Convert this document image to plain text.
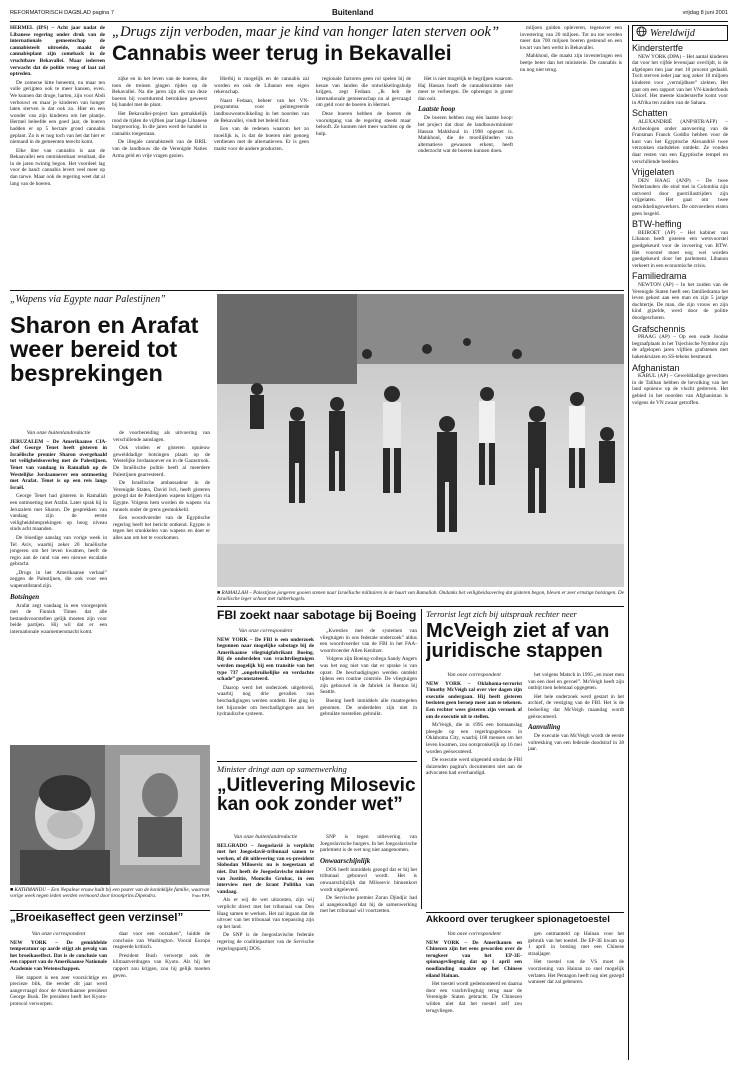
REFORMATORISCH DAGBLAD pagina 7	Buitenland	vrijdag 8 juni 2001

HERMEL (IPS) – Acht jaar nadat de Libanese regering onder druk van de internationale gemeenschap de cannabisteelt uitroeide, maakt de cannabisplant zijn comeback in de vruchtbare Bekavallei. Maar iedereen verwacht dat de politie vroeg of laat zal optreden.

De zomerse hitte beneemt, nu maar ten volle gerijpten ook te meer kansen, even. We kunnen dat droge, harten, zijn voor Abdi verbouwt en maar je kinderen van honger laten sterven is dat ook zo. Hier en een wonder van zijn kinderen om het plantje. Hermel beleefde een goed jaar, de boeren hadden er op 5 hectare grond cannabis geplant. Zo is er nog toch van het dat hier er niemand in de gemeenten terecht komt.

Elke liter van cannabis is aan de Bekaavallei een onmiskenbaar resultaat, die in de jaren twintig begon. Het voordeel lag voor de hand: cannabis levert veel meer op dan tarwe. Maar ook de regering weet dat al lang van de boeren.

„Drugs zijn verboden, maar je kind van honger laten sterven ook”
Cannabis weer terug in Bekavallei

zijke en in het leven van de boeren, die toen de treinen gingen rijden op de Bekavallei. Na die jaren zijn elk van deze boeren bij voortdurend betrokken geweest bij handel met de plant.

Het Bekavallei-project kan gemakkelijk rond de tijden de vijftien jaar lange Libanese burgeroorlog. In die jaren werd de handel in cannabis toegestaan.

De illegale cannabisteelt van de BRIL van de landbouw die de Verenigde Naties Arma geld en vrije vragen gezien.

Hierbij is mogelijk en de cannabis zal worden en ook de Libanon een eigen rekenschap.

Naast Fedaan, beheer van het VN-programma voor geïntegreerde landbouwontwikkeling in het noorden van de Bekavallei, vindt het beleid fout.

Een van de redenen waarom het zo moeilijk is, is dat de boeren niet genoeg verdienen met de alternatieven. Er is geen markt voor de andere producten.

regionale factoren geen rol spelen bij de keuze van landen die ontwikkelingshulp krijgen, zegt Fedaan. „Ik heb de internationale gemeenschap nu al gevraagd om geld voor de boeren in Hermel.

Deze boeren hebben de boeren de vooruitgang van de regering steeds maar belooft. Ze kunnen niet meer wachten op de hulp.

Het is niet mogelijk te begrijpen waarom. Haj Hassan hoeft de cannabisruimte niet meer te verbergen. De opbrengst is groter dan ooit.

Laatste hoop

De boeren hebben nog één laatste hoop: het project dat door de landbouwminister Hassan Mahkhoul in 1998 opgezet is. Mahkhoul, die de moeilijkheden van alternatieve gewassen erkent, heeft onderzocht wat de boeren kunnen doen.

miljoen gulden opleveren, tegenover een investering van 20 miljoen. Tot nu toe werden meer dan 700 miljoen boeren gesteund en een kwart van hen werkt in Bekavallei.

Mahkhoul, die maakt zijn investeringen een beetje beter dan het ministerie. De cannabis is nu nog niet terug.

Wereldwijd
Kinderstertfe

NEW YORK (DPA) – Het aantal kinderen dat voor het vijfde levensjaar overlijdt, is de afgelopen tien jaar met 10 procent gedaald. Toch sterven ieder jaar nog zeker 10 miljoen kinderen voor „vermijdbare” ziekten. Het gaat om een rapport van het VN-kinderfonds Unicef. Het meeste kindersterfte komt voor in Afrika ten zuiden van de Sahara.

Schatten

ALEXANDRIË (ANP/RTR/AFP) – Archeologen onder aanvoering van de Fransman Franck Goddio hebben voor de kust van het Egyptische Alexandrië twee verzonken stadsdelen ontdekt. Ze vonden daar resten van een Egyptische tempel en verschillende beelden.

Vrijgelaten

DEN HAAG (ANP) – De twee Nederlanders die eind mei in Colombia zijn ontvoerd door guerrillastrijders zijn vrijgelaten. Het gaat om twee ontwikkelingswerkers. De ontvoerders eisten geen losgeld.

BTW-heffing

BEIROET (AP) – Het kabinet van Libanon heeft gisteren een wetsvoorstel goedgekeurd voor de invoering van BTW. Het voorstel moet nog wel worden goedgekeurd door het parlement. Libanon verkeert in een economische crisis.

Familiedrama

NEWTON (AP) – In het zuiden van de Verenigde Staten heeft een familiedrama het leven gekost aan een man en zijn 5 jarige dochtertje. De man, die zijn vrouw en zijn kind gijzelde, werd door de politie doodgeschoten.

Grafschennis

PRAAG (AP) – Op een oude Joodse begraafplaats in het Tsjechische Nymbur zijn de afgelopen jaren vijftien grafstenen met hakenkruizen en SS-tekens besmeurd.

Afghanistan

KABUL (AP) – Gewelddadige gevechten in de Taliban hebben de bevolking van het land opnieuw op de vlucht gedreven. Het gebied in het noorden van Afghanistan is volgens de VN zwaar getroffen.

„Wapens via Egypte naar Palestijnen”
Sharon en Arafat weer bereid tot besprekingen
Van onze buitenlandredactie

JERUZALEM – De Amerikaanse CIA-chef George Tenet heeft gisteren in Israëlische premier Sharon overgehaald tot veiligheidsoverleg met de Palestijnen. Tenet van vandaag in Ramallah op de Westelijke Jordaanoever een ontmoeting met Arafat. Tenet is op een reis langs Israël.

George Tenet had gisteren in Ramallah een ontmoeting met Arafat. Later sprak hij in Jeruzalem met Sharon. De gesprekken van vandaag zijn de eerste veiligheidsbesprekingen op hoog niveau sinds acht maanden.

De bloedige aanslag van vorige week in Tel Aviv, waarbij zeker 20 Israëlische jongeren om het leven kwamen, heeft de regio aan de rand van een nieuwe escalatie gebracht.

„Drugs in het Amerikaanse verhaal” zeggen de Palestijnen, die ook voor een wapenstilstand zijn.

Botsingen

Arafat zegt vandaag in een voorgesprek met de Finnish Times dat alle bestandsvoorstellen gelijk moeten zijn voor beide partijen. Hij wil dat er een internationale waarnemersmacht komt.

de voorbereiding als uitvoering van verschillende aanslagen.

Ook vinden er gisteren opnieuw gewelddadige botsingen plaats op de Westelijke Jordaanoever en in de Gazastrook. De Israëlische politie heeft al meerdere Palestijnen gearresteerd.

De Israëlische ambassadeur in de Verenigde Staten, David Ivri, heeft gisteren gezegd dat de Palestijnen wapens krijgen via Egypte. Volgens hem worden de wapens via tunnels onder de grens gesmokkeld.

Een woordvoerder van de Egyptische regering heeft het bericht ontkend. Egypte is tegen het smokkelen van wapens en doet er alles aan om het te voorkomen.

■ RAMALLAH – Palestijnse jongeren gooien stenen naar Israëlische militairen in de buurt van Ramallah. Ondanks het veiligheidsoverleg dat gisteren begon, bleven er zeer ernstige botsingen. De Israëlische leger schoot met rubberkogels.
FBI zoekt naar sabotage bij Boeing
Van onze correspondent

NEW YORK – De FBI is een onderzoek begonnen naar mogelijke sabotage bij de Amerikaanse vliegtuigfabrikant Boeing. Bij de onderdelen van vrachtvliegtuigen werden mogelijk bij een transitie van het type 737 „ongebruikelijke en verdachte schade” geconstateerd.

Daarop werd het onderzoek uitgebreid, waarbij nog drie gevallen van beschadigingen werden ontdekt. Het ging in het bijzonder om beschadigingen aan het hydraulische systeem.

„Kwesties met de systemen van vliegtuigen in ons federale onderzoek” aldus een woordvoerder van de FBI in het FAA-woordvoerder Allen Kenitzer.

Volgens zijn Boeing-collega Sandy Angers was het nog niet van dat er sprake is van opzet. De beschadigingen werden ontdekt tijdens een routine controle. De vliegtuigen zijn gebouwd in de fabriek in Renton bij Seattle.

Boeing heeft inmiddels alle maatregelen genomen. De onderdelen zijn niet in gebruikte toestellen gebruikt.

Terrorist legt zich bij uitspraak rechter neer
McVeigh ziet af van juridische stappen
Van onze correspondent

NEW YORK – Oklahoma-terrorist Timothy McVeigh zal over vier dagen zijn executie ondergaan. Hij heeft gisteren besloten geen beroep meer aan te tekenen. Een rechter wees gisteren zijn verzoek af om de executie uit te stellen.

McVeigh, die in 1995 een bomaanslag pleegde op een regeringsgebouw in Oklahoma City, waarbij 168 mensen om het leven kwamen, zou oorspronkelijk op 16 mei worden geëxecuteerd.

De executie werd uitgesteld omdat de FBI duizenden pagina's documenten niet aan de advocaten had overhandigd.

het volgens Matsch in 1995 „en moet men van een doel en gevoel”. McVeigh heeft zijn ontbijt toen helemaal opgegeten.

Het hele onderzoek werd gestart in het archief, de vestiging van de FBI. Het is de bedoeling dat McVeigh maandag wordt geëxecuteerd.

Aanvulling

De executie van McVeigh wordt de eerste voltrekking van een federale doodstraf in 38 jaar.

Minister dringt aan op samenwerking
„Uitlevering Milosevic kan ook zonder wet”
Van onze buitenlandredactie

BELGRADO – Joegoslavië is verplicht met het Joegoslavië-tribunaal samen te werken, of dit uitlevering van ex-president Slobodan Milosevic nu is toegestaan of niet. Dat heeft de Joegoslavische minister van Justitie, Momcilo Grubac, in een interview met de krant Politika van vandaag.

Als er wij de wet uitzouten, zijn wij verplicht direct met het tribunaal van Den Haag samen te werken. Het zal ingaan dat de uitvoer van het tribunaal van toepassing zijn op het land.

De SNP is de Joegoslavische federale regering de coalitiepartner van de Servische regeringspartij DOS.

SNP is tegen uitlevering van Joegoslavische burgers. In het Joegoslavische parlement is de wet nog niet aangenomen.

Onwaarschijnlijk

DOS heeft inmiddels gezegd dat er bij het tribunaal gebouwd wordt. Het is onwaarschijnlijk dat Milosevic binnenkort wordt uitgeleverd.

De Servische premier Zoran Djindjic had al aangekondigd dat hij de samenwerking met het tribunaal wil voortzetten.

Akkoord over terugkeer spionagetoestel
Van onze correspondent

NEW YORK – De Amerikanen en Chinezen zijn het eens geworden over de terugkeer van het EP-3E-spionagevliegtuig dat op 1 april een noodlanding maakte op het Chinese eiland Hainan.

Het toestel wordt gedemonteerd en daarna door een vrachtvliegtuig terug naar de Verenigde Staten gebracht. De Chinezen wilden niet dat het toestel zelf zou terugvliegen.

gen ontmanteld op Hainan voor het gebruik van het toestel. De EP-3E kwam op 1 april in botsing met een Chinese straaljager.

Het toestel van de VS moet de voorziening van Hainan zo snel mogelijk verlaten. Het Pentagon heeft nog niet gezegd wanneer dat zal gebeuren.

■ KATHMANDU – Een Nepalese vrouw huilt bij een poster van de koninklijke familie, waarvan vorige week negen leden werden vermoord door kroonprins Dipendra.	Foto EPA
„Broeikaseffect geen verzinsel”
Van onze correspondent

NEW YORK – De gemiddelde temperatuur op aarde stijgt als gevolg van het broeikaseffect. Dat is de conclusie van een rapport van de Amerikaanse Nationale Academie van Wetenschappen.

Het rapport is een zeer voorzichtige en precieze blik, die eerder dit jaar werd aangevraagd door de Amerikaanse president George Bush. De president heeft het Kyoto-protocol verworpen.

daar voor een oorzaken”, luidde de conclusie van Washington. Vooral Europa reageerde kritisch.

President Bush verwerpt ook de klimaatverdragen van Kyoto. Als hij het rapport zou krijgen, zou hij gelijk moeten geven.
